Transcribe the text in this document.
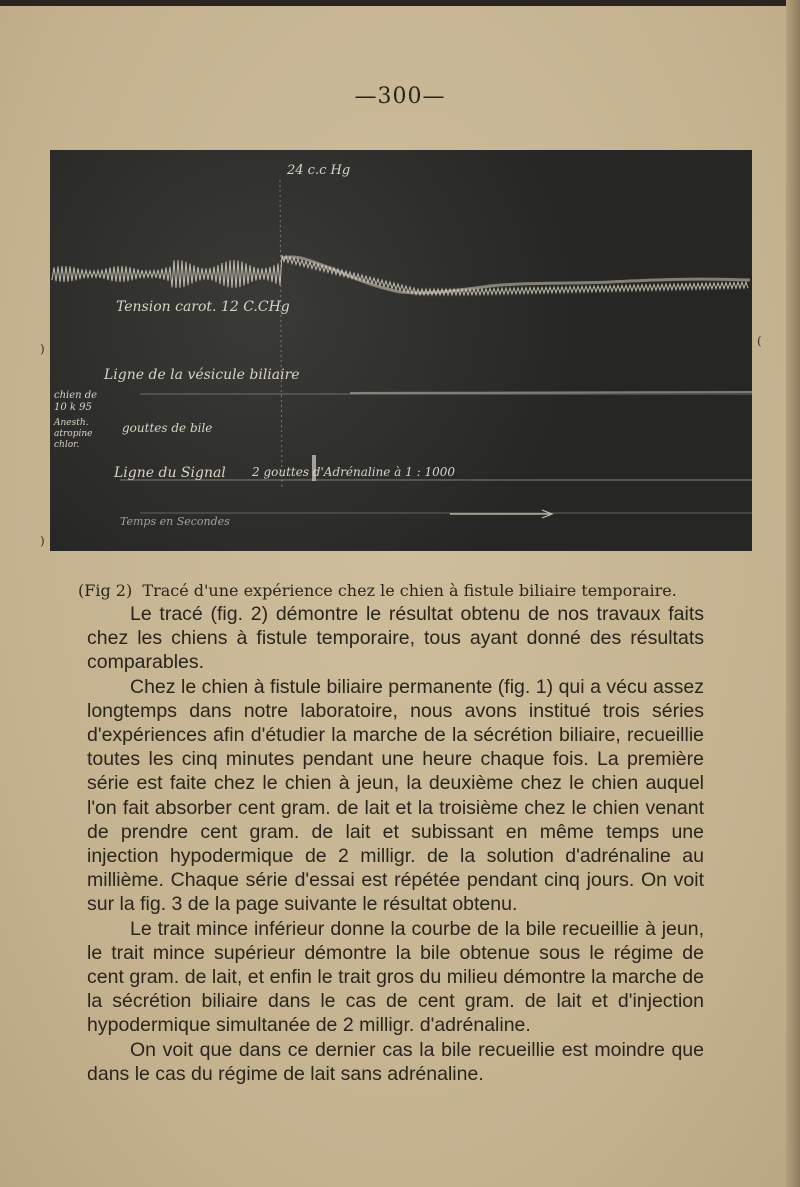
—300—
24 c.c Hg
Tension carot. 12 C.CHg
Ligne de la vésicule biliaire
chien de 10 k 95
Anesth. atropine chlor.
gouttes de bile
Ligne du Signal 2 gouttes d'Adrénaline à 1 : 1000
Temps en Secondes
)
(
)
(Fig 2) Tracé d'une expérience chez le chien à fistule biliaire temporaire.

Le tracé (fig. 2) démontre le résultat obtenu de nos travaux faits chez les chiens à fistule temporaire, tous ayant donné des résultats comparables.

Chez le chien à fistule biliaire permanente (fig. 1) qui a vécu assez longtemps dans notre laboratoire, nous avons institué trois séries d'expériences afin d'étudier la marche de la sécrétion biliaire, recueillie toutes les cinq minutes pendant une heure chaque fois. La première série est faite chez le chien à jeun, la deuxième chez le chien auquel l'on fait absorber cent gram. de lait et la troisième chez le chien venant de prendre cent gram. de lait et subissant en même temps une injection hypodermique de 2 milligr. de la solution d'adrénaline au millième. Chaque série d'essai est répétée pendant cinq jours. On voit sur la fig. 3 de la page suivante le résultat obtenu.

Le trait mince inférieur donne la courbe de la bile recueillie à jeun, le trait mince supérieur démontre la bile obtenue sous le régime de cent gram. de lait, et enfin le trait gros du milieu démontre la marche de la sécrétion biliaire dans le cas de cent gram. de lait et d'injection hypodermique simultanée de 2 milligr. d'adrénaline.

On voit que dans ce dernier cas la bile recueillie est moindre que dans le cas du régime de lait sans adrénaline.
